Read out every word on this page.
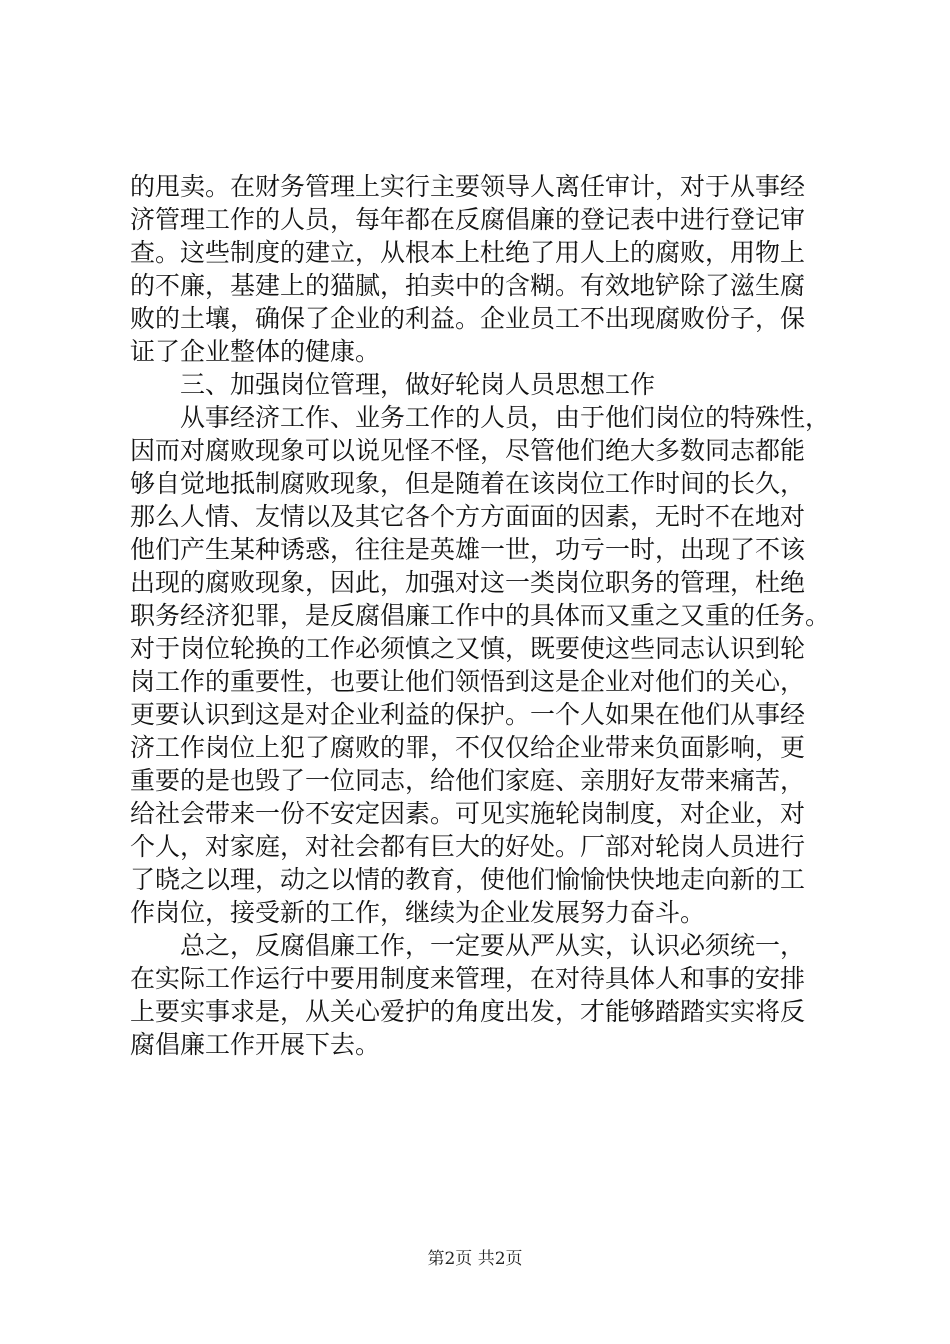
的甩卖。在财务管理上实行主要领导人离任审计，对于从事经
济管理工作的人员，每年都在反腐倡廉的登记表中进行登记审
查。这些制度的建立，从根本上杜绝了用人上的腐败，用物上
的不廉，基建上的猫腻，拍卖中的含糊。有效地铲除了滋生腐
败的土壤，确保了企业的利益。企业员工不出现腐败份子，保
证了企业整体的健康。
　　三、加强岗位管理，做好轮岗人员思想工作
　　从事经济工作、业务工作的人员，由于他们岗位的特殊性，
因而对腐败现象可以说见怪不怪，尽管他们绝大多数同志都能
够自觉地抵制腐败现象，但是随着在该岗位工作时间的长久，
那么人情、友情以及其它各个方方面面的因素，无时不在地对
他们产生某种诱惑，往往是英雄一世，功亏一时，出现了不该
出现的腐败现象，因此，加强对这一类岗位职务的管理，杜绝
职务经济犯罪，是反腐倡廉工作中的具体而又重之又重的任务。
对于岗位轮换的工作必须慎之又慎，既要使这些同志认识到轮
岗工作的重要性，也要让他们领悟到这是企业对他们的关心，
更要认识到这是对企业利益的保护。一个人如果在他们从事经
济工作岗位上犯了腐败的罪，不仅仅给企业带来负面影响，更
重要的是也毁了一位同志，给他们家庭、亲朋好友带来痛苦，
给社会带来一份不安定因素。可见实施轮岗制度，对企业，对
个人，对家庭，对社会都有巨大的好处。厂部对轮岗人员进行
了晓之以理，动之以情的教育，使他们愉愉快快地走向新的工
作岗位，接受新的工作，继续为企业发展努力奋斗。
　　总之，反腐倡廉工作，一定要从严从实，认识必须统一，
在实际工作运行中要用制度来管理，在对待具体人和事的安排
上要实事求是，从关心爱护的角度出发，才能够踏踏实实将反
腐倡廉工作开展下去。
第2页 共2页
